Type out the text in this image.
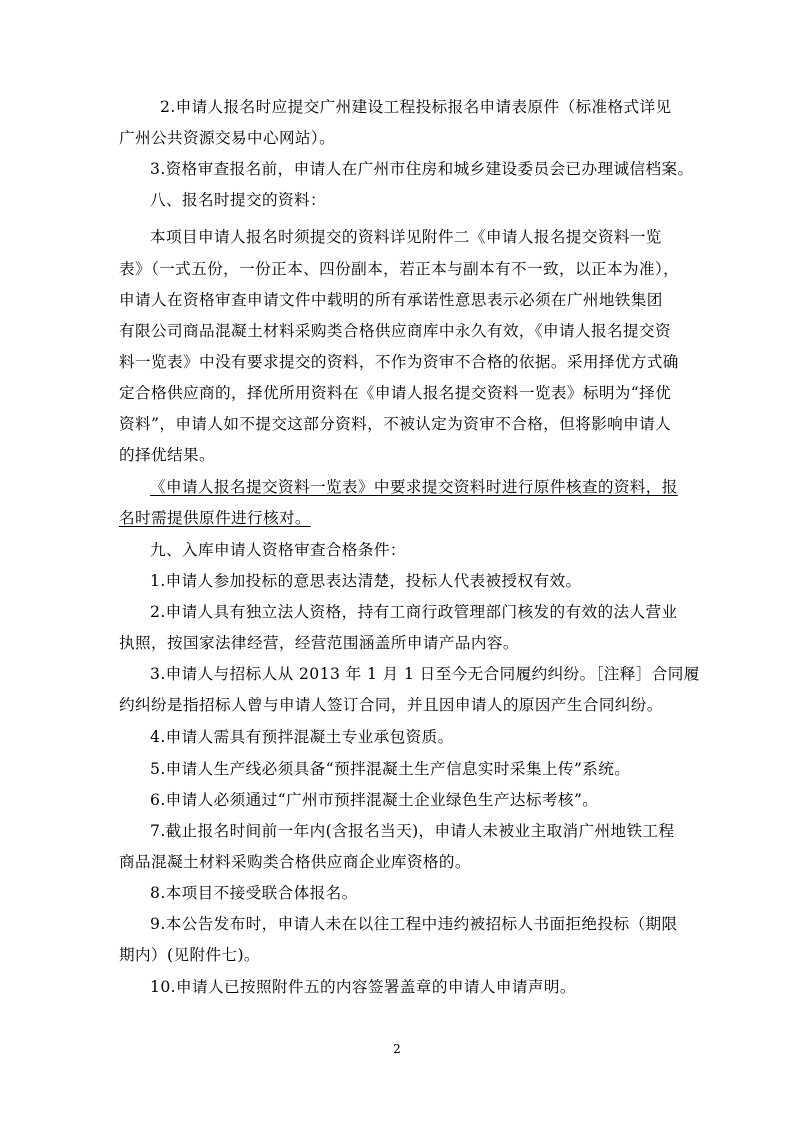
2.申请人报名时应提交广州建设工程投标报名申请表原件（标准格式详见
广州公共资源交易中心网站）。
3.资格审查报名前，申请人在广州市住房和城乡建设委员会已办理诚信档案。
八、报名时提交的资料：
本项目申请人报名时须提交的资料详见附件二《申请人报名提交资料一览
表》（一式五份，一份正本、四份副本，若正本与副本有不一致，以正本为准），
申请人在资格审查申请文件中载明的所有承诺性意思表示必须在广州地铁集团
有限公司商品混凝土材料采购类合格供应商库中永久有效，《申请人报名提交资
料一览表》中没有要求提交的资料，不作为资审不合格的依据。采用择优方式确
定合格供应商的，择优所用资料在《申请人报名提交资料一览表》标明为“择优
资料”，申请人如不提交这部分资料，不被认定为资审不合格，但将影响申请人
的择优结果。
《申请人报名提交资料一览表》中要求提交资料时进行原件核查的资料，报
名时需提供原件进行核对。
九、入库申请人资格审查合格条件：
1.申请人参加投标的意思表达清楚，投标人代表被授权有效。
2.申请人具有独立法人资格，持有工商行政管理部门核发的有效的法人营业
执照，按国家法律经营，经营范围涵盖所申请产品内容。
3.申请人与招标人从 2013 年 1 月 1 日至今无合同履约纠纷。［注释］合同履
约纠纷是指招标人曾与申请人签订合同，并且因申请人的原因产生合同纠纷。
4.申请人需具有预拌混凝土专业承包资质。
5.申请人生产线必须具备“预拌混凝土生产信息实时采集上传”系统。
6.申请人必须通过“广州市预拌混凝土企业绿色生产达标考核”。
7.截止报名时间前一年内(含报名当天)，申请人未被业主取消广州地铁工程
商品混凝土材料采购类合格供应商企业库资格的。
8.本项目不接受联合体报名。
9.本公告发布时，申请人未在以往工程中违约被招标人书面拒绝投标（期限
期内）(见附件七)。
10.申请人已按照附件五的内容签署盖章的申请人申请声明。
2
